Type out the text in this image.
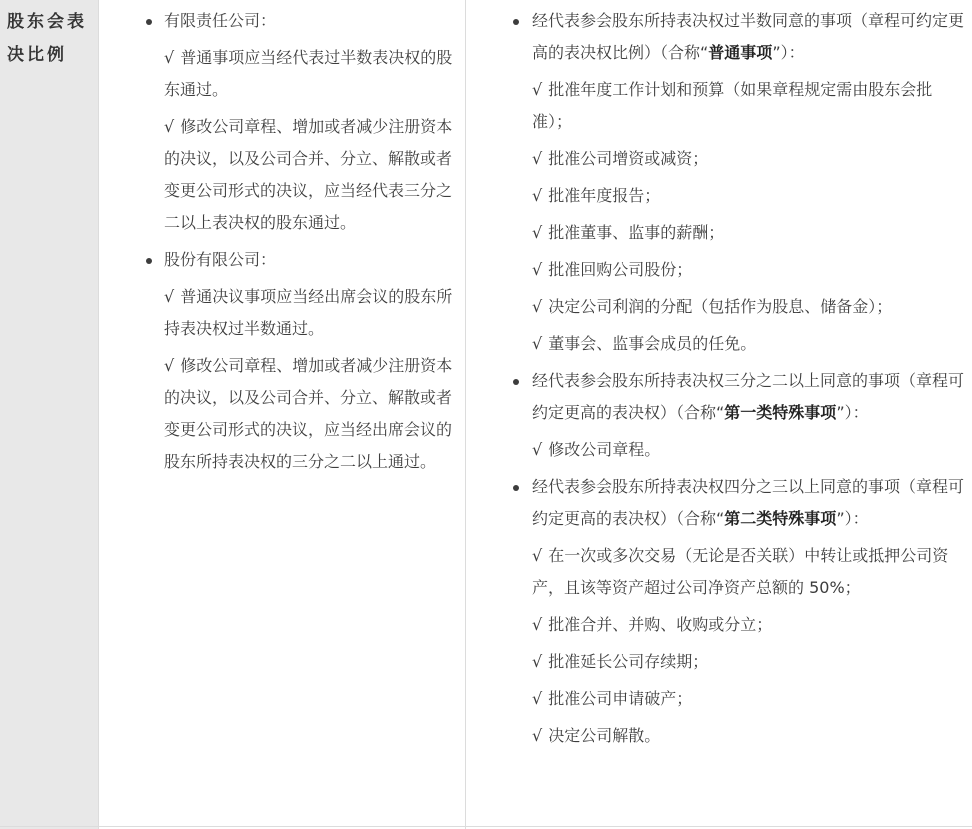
股东会表决比例
有限责任公司：
√ 普通事项应当经代表过半数表决权的股东通过。
√ 修改公司章程、增加或者减少注册资本的决议，以及公司合并、分立、解散或者变更公司形式的决议，应当经代表三分之二以上表决权的股东通过。
股份有限公司：
√ 普通决议事项应当经出席会议的股东所持表决权过半数通过。
√ 修改公司章程、增加或者减少注册资本的决议，以及公司合并、分立、解散或者变更公司形式的决议，应当经出席会议的股东所持表决权的三分之二以上通过。
经代表参会股东所持表决权过半数同意的事项（章程可约定更高的表决权比例）（合称“普通事项”）：
√ 批准年度工作计划和预算（如果章程规定需由股东会批准）；
√ 批准公司增资或减资；
√ 批准年度报告；
√ 批准董事、监事的薪酬；
√ 批准回购公司股份；
√ 决定公司利润的分配（包括作为股息、储备金）；
√ 董事会、监事会成员的任免。
经代表参会股东所持表决权三分之二以上同意的事项（章程可约定更高的表决权）（合称“第一类特殊事项”）：
√ 修改公司章程。
经代表参会股东所持表决权四分之三以上同意的事项（章程可约定更高的表决权）（合称“第二类特殊事项”）：
√ 在一次或多次交易（无论是否关联）中转让或抵押公司资产，且该等资产超过公司净资产总额的 50%；
√ 批准合并、并购、收购或分立；
√ 批准延长公司存续期；
√ 批准公司申请破产；
√ 决定公司解散。
